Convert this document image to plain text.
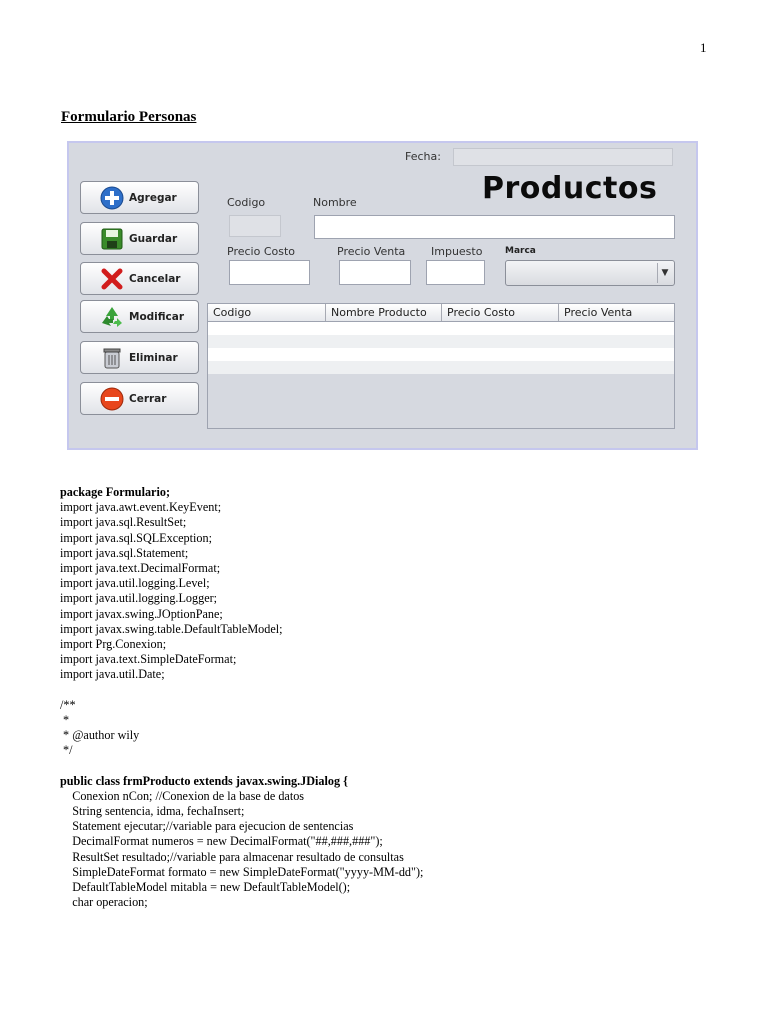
1
Formulario Personas
Fecha:
Productos
Agregar
Guardar
Cancelar
Modificar
Eliminar
Cerrar
Codigo	Nombre
Precio Costo	Precio Venta Impuesto	Marca
▼
Codigo	Nombre Producto	Precio Costo	Precio Venta
package Formulario;
import java.awt.event.KeyEvent;
import java.sql.ResultSet;
import java.sql.SQLException;
import java.sql.Statement;
import java.text.DecimalFormat;
import java.util.logging.Level;
import java.util.logging.Logger;
import javax.swing.JOptionPane;
import javax.swing.table.DefaultTableModel;
import Prg.Conexion;
import java.text.SimpleDateFormat;
import java.util.Date;
/**
*
* @author wily
*/
public class frmProducto extends javax.swing.JDialog {
Conexion nCon; //Conexion de la base de datos
String sentencia, idma, fechaInsert;
Statement ejecutar;//variable para ejecucion de sentencias
DecimalFormat numeros = new DecimalFormat("##,###,###");
ResultSet resultado;//variable para almacenar resultado de consultas
SimpleDateFormat formato = new SimpleDateFormat("yyyy-MM-dd");
DefaultTableModel mitabla = new DefaultTableModel();
char operacion;
